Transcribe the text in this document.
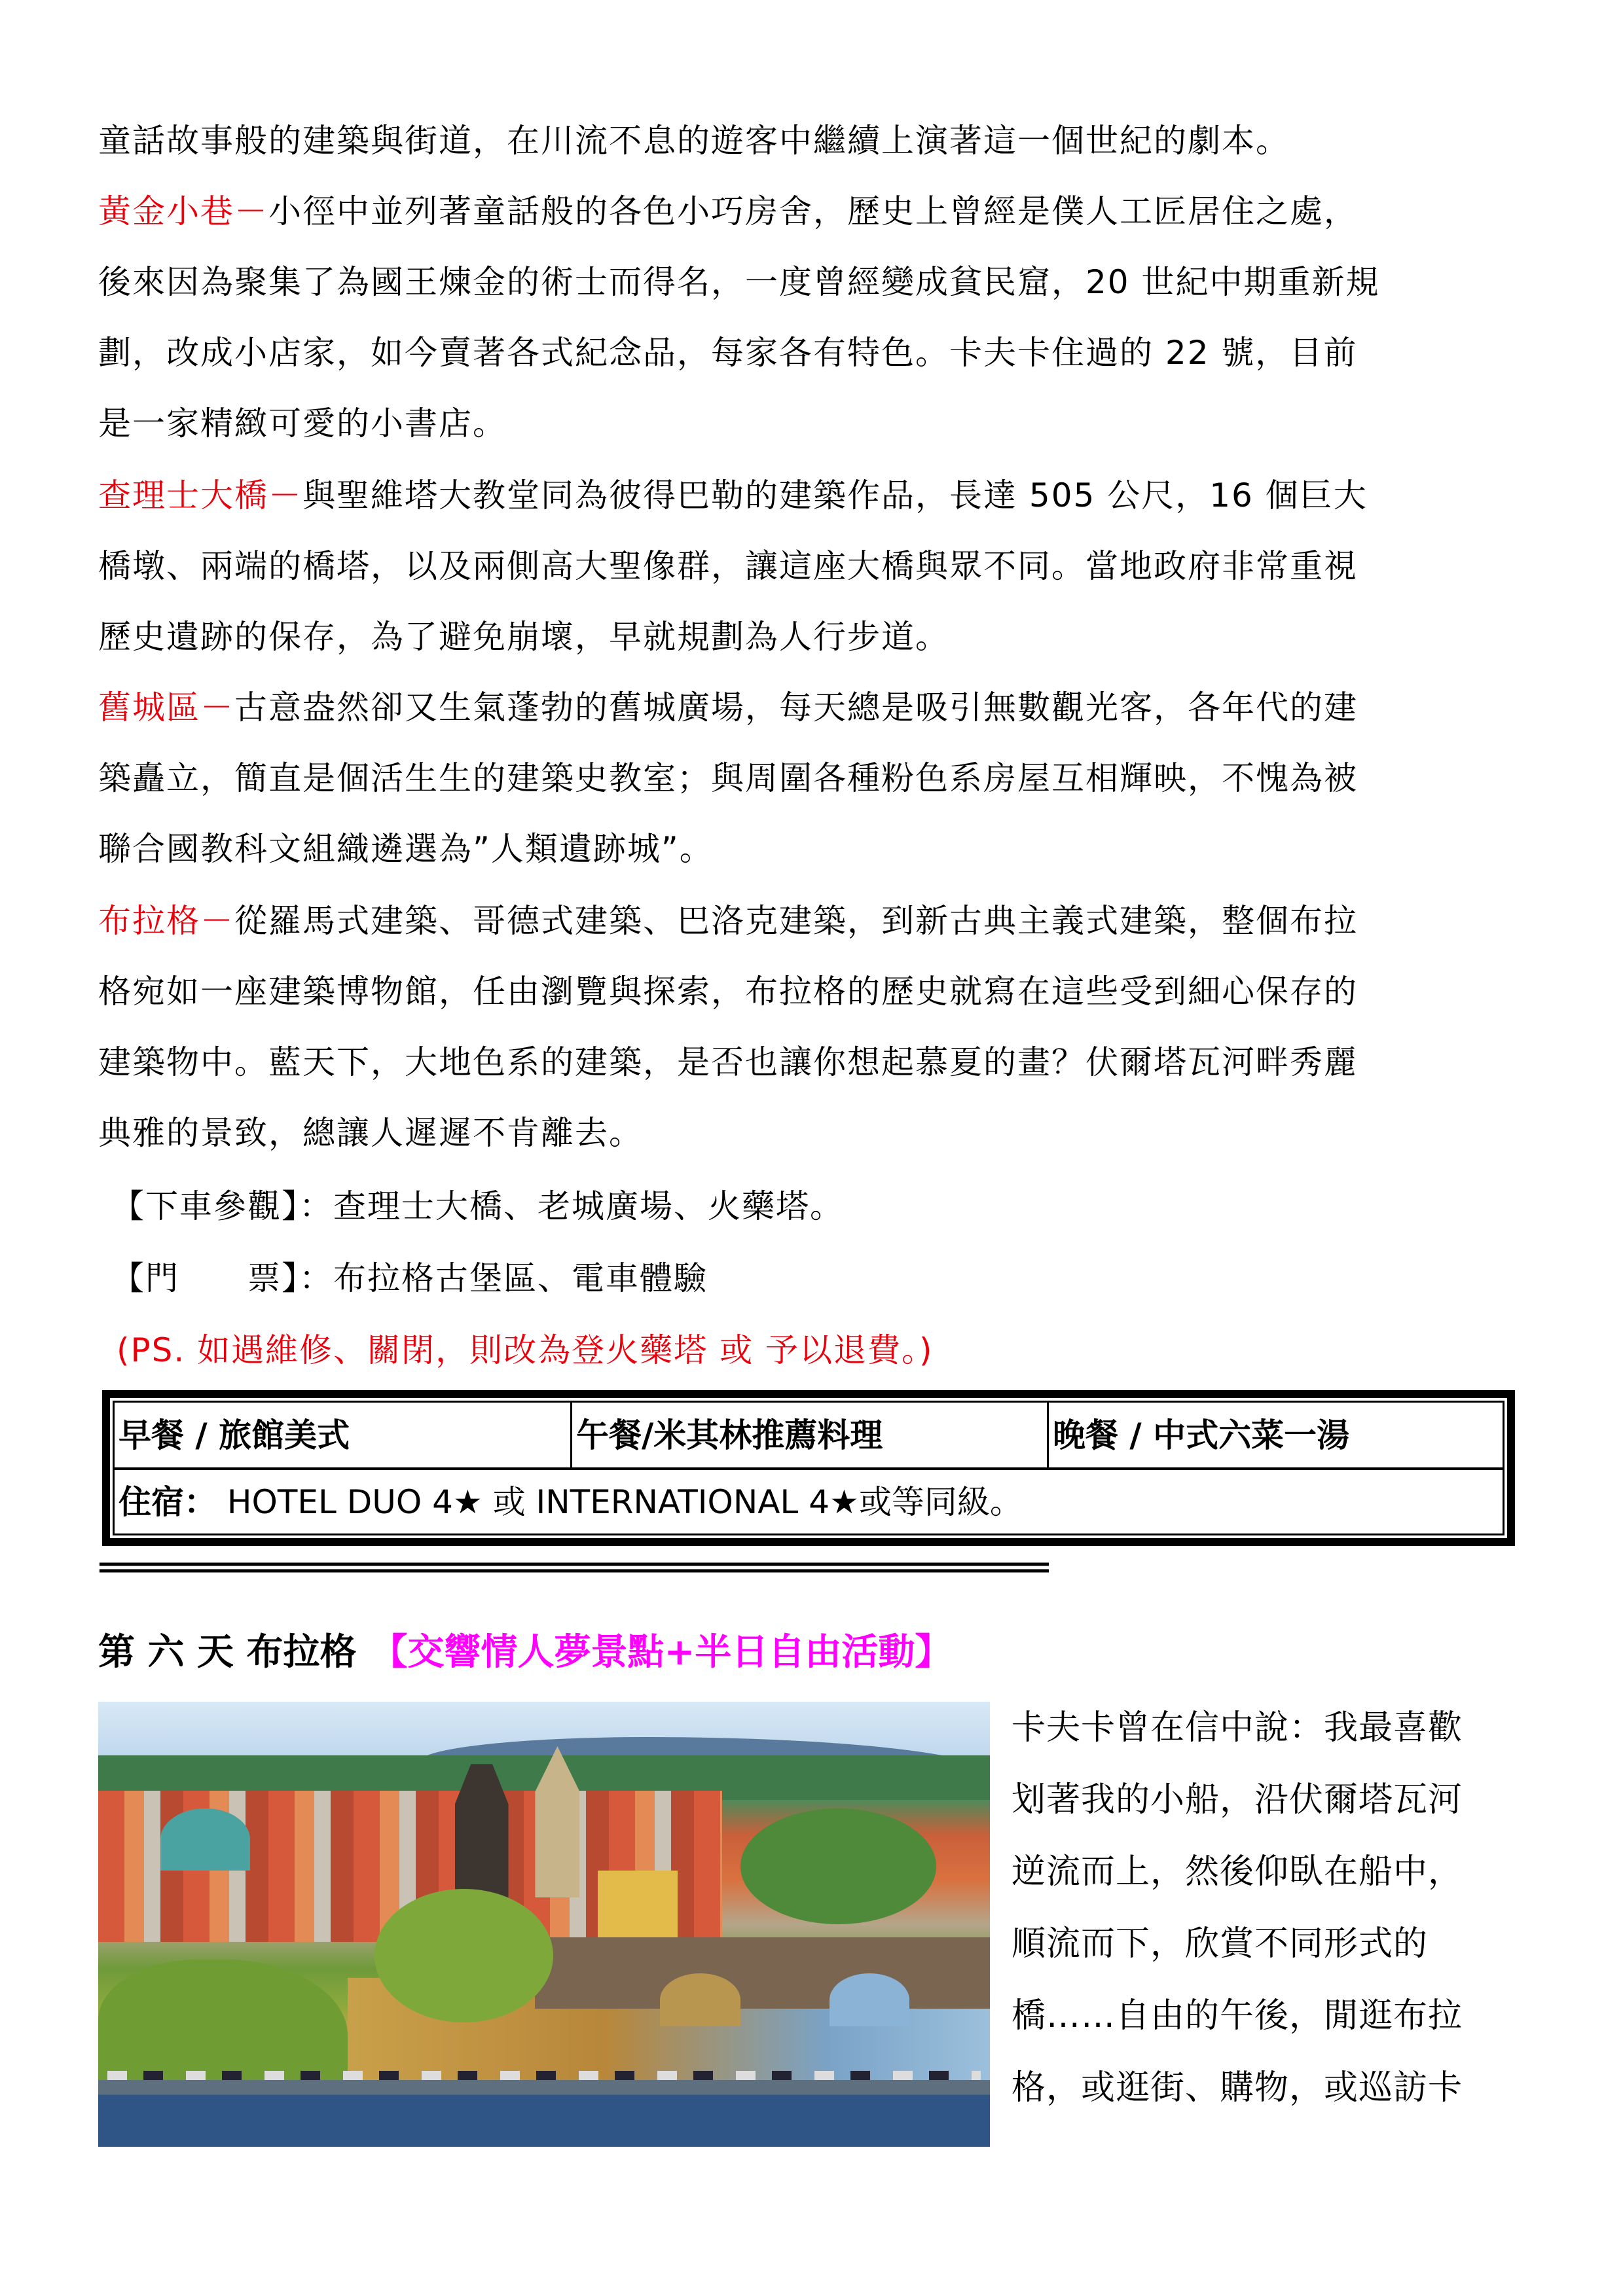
童話故事般的建築與街道，在川流不息的遊客中繼續上演著這一個世紀的劇本。
黃金小巷－小徑中並列著童話般的各色小巧房舍，歷史上曾經是僕人工匠居住之處，
後來因為聚集了為國王煉金的術士而得名，一度曾經變成貧民窟，20 世紀中期重新規
劃，改成小店家，如今賣著各式紀念品，每家各有特色。卡夫卡住過的 22 號，目前
是一家精緻可愛的小書店。
查理士大橋－與聖維塔大教堂同為彼得巴勒的建築作品，長達 505 公尺，16 個巨大
橋墩、兩端的橋塔，以及兩側高大聖像群，讓這座大橋與眾不同。當地政府非常重視
歷史遺跡的保存，為了避免崩壞，早就規劃為人行步道。
舊城區－古意盎然卻又生氣蓬勃的舊城廣場，每天總是吸引無數觀光客，各年代的建
築矗立，簡直是個活生生的建築史教室；與周圍各種粉色系房屋互相輝映，不愧為被
聯合國教科文組織遴選為”人類遺跡城”。
布拉格－從羅馬式建築、哥德式建築、巴洛克建築，到新古典主義式建築，整個布拉
格宛如一座建築博物館，任由瀏覽與探索，布拉格的歷史就寫在這些受到細心保存的
建築物中。藍天下，大地色系的建築，是否也讓你想起慕夏的畫？伏爾塔瓦河畔秀麗
典雅的景致，總讓人遲遲不肯離去。
【下車參觀】：查理士大橋、老城廣場、火藥塔。
【門　　票】：布拉格古堡區、電車體驗
(PS. 如遇維修、關閉，則改為登火藥塔 或 予以退費。)
早餐 / 旅館美式	午餐/米其林推薦料理	晚餐 / 中式六菜一湯
住宿： HOTEL DUO 4★ 或 INTERNATIONAL 4★或等同級。
=====================================================================
第 六 天 布拉格 【交響情人夢景點+半日自由活動】
卡夫卡曾在信中說：我最喜歡
划著我的小船，沿伏爾塔瓦河
逆流而上，然後仰臥在船中，
順流而下，欣賞不同形式的
橋……自由的午後，閒逛布拉
格，或逛街、購物，或巡訪卡
